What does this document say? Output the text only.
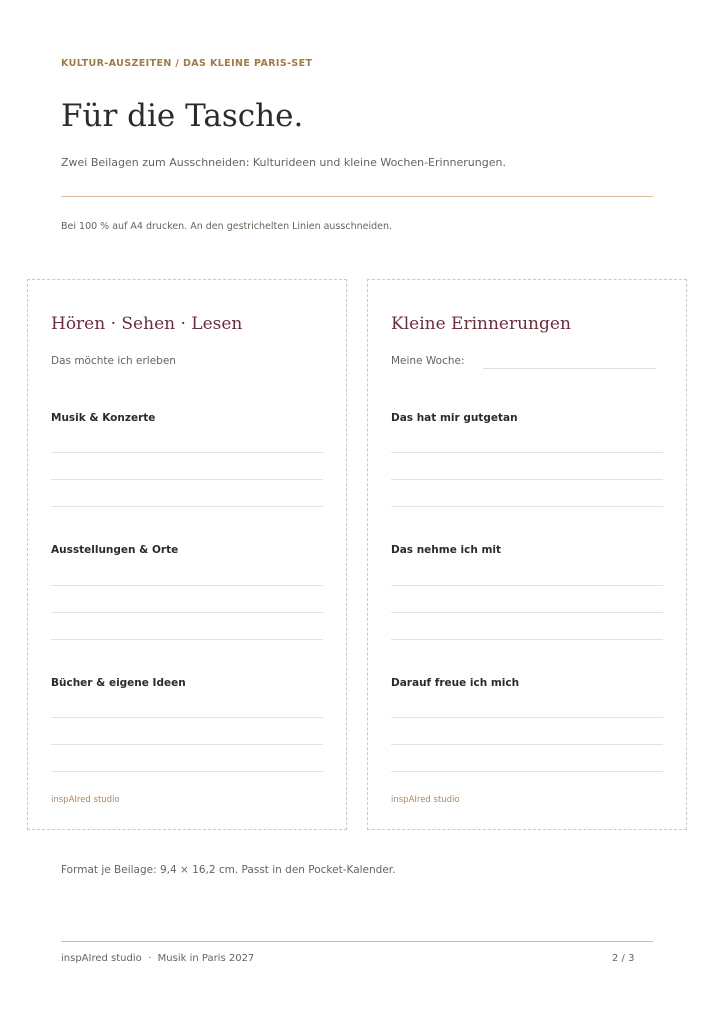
KULTUR-AUSZEITEN / DAS KLEINE PARIS-SET
Für die Tasche.
Zwei Beilagen zum Ausschneiden: Kulturideen und kleine Wochen-Erinnerungen.
Bei 100 % auf A4 drucken. An den gestrichelten Linien ausschneiden.
Hören · Sehen · Lesen
Das möchte ich erleben
Musik & Konzerte
Ausstellungen & Orte
Bücher & eigene Ideen
inspAIred studio
Kleine Erinnerungen
Meine Woche:
Das hat mir gutgetan
Das nehme ich mit
Darauf freue ich mich
inspAIred studio
Format je Beilage: 9,4 × 16,2 cm. Passt in den Pocket-Kalender.
inspAIred studio  ·  Musik in Paris 2027	2 / 3
